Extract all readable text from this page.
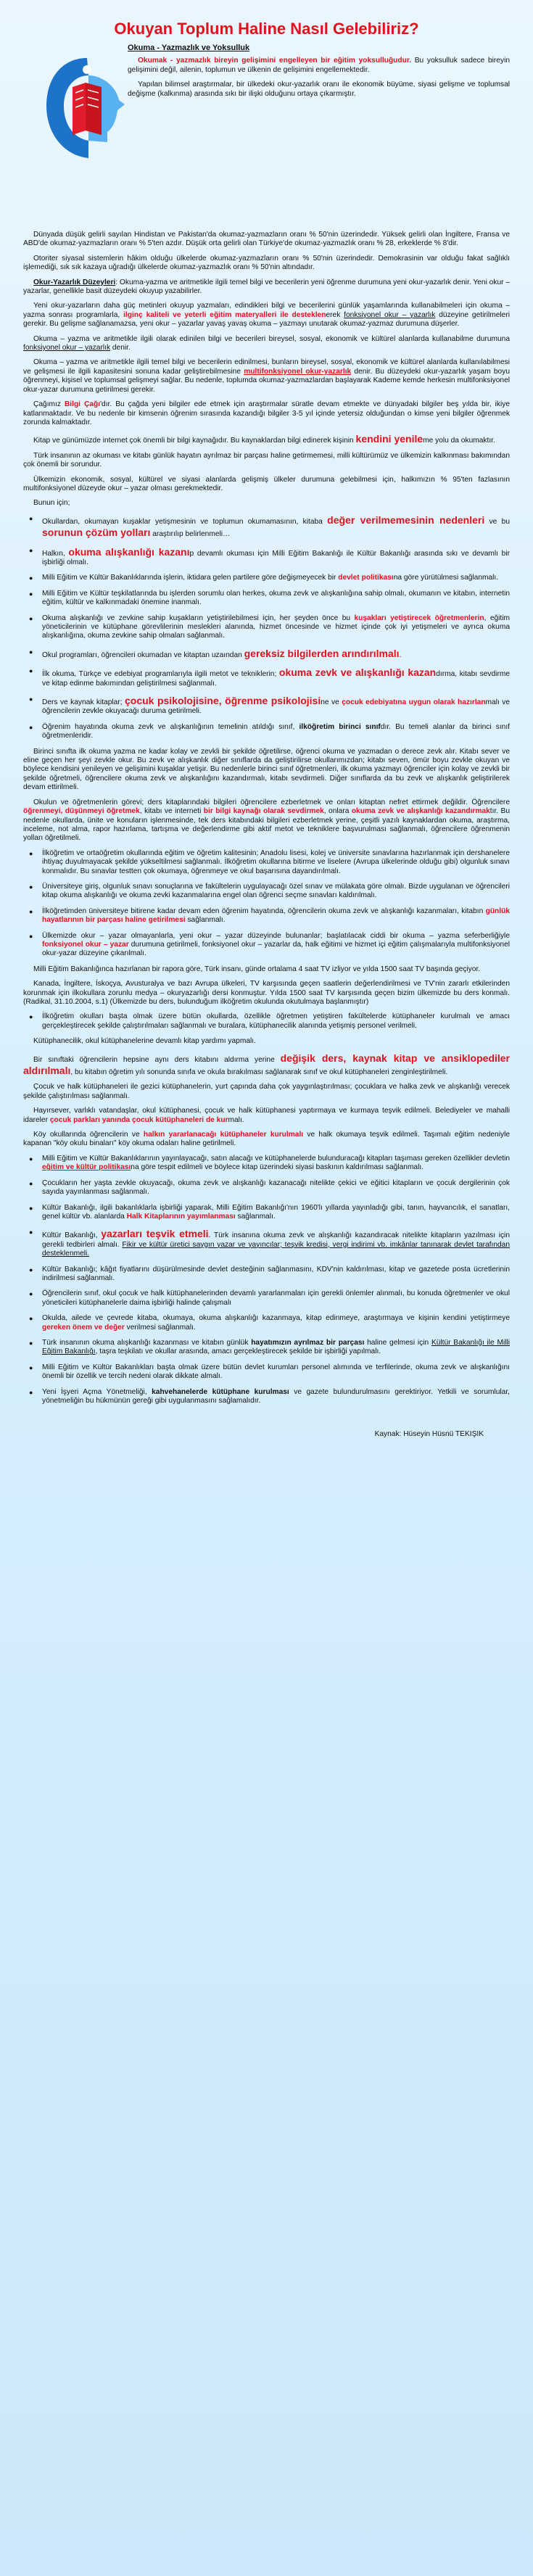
Okuyan Toplum Haline Nasıl Gelebiliriz?
Okuma - Yazmazlık ve Yoksulluk

Okumak - yazmazlık bireyin gelişimini engelleyen bir eğitim yoksulluğudur. Bu yoksulluk sadece bireyin gelişimini değil, ailenin, toplumun ve ülkenin de gelişimini engellemektedir.

Yapılan bilimsel araştırmalar, bir ülkedeki okur-yazarlık oranı ile ekonomik büyüme, siyasi gelişme ve toplumsal değişme (kalkınma) arasında sıkı bir ilişki olduğunu ortaya çıkarmıştır.

Dünyada düşük gelirli sayılan Hindistan ve Pakistan'da okumaz-yazmazların oranı % 50'nin üzerindedir. Yüksek gelirli olan İngiltere, Fransa ve ABD'de okumaz-yazmazların oranı % 5'ten azdır. Düşük orta gelirli olan Türkiye'de okumaz-yazmazlık oranı % 28, erkeklerde % 8'dir.

Otoriter siyasal sistemlerin hâkim olduğu ülkelerde okumaz-yazmazların oranı % 50'nin üzerindedir. Demokrasinin var olduğu fakat sağlıklı işlemediği, sık sık kazaya uğradığı ülkelerde okumaz-yazmazlık oranı % 50'nin altındadır.

Okur-Yazarlık Düzeyleri: Okuma-yazma ve aritmetikle ilgili temel bilgi ve becerilerin yeni öğrenme durumuna yeni okur-yazarlık denir. Yeni okur – yazarlar, genellikle basit düzeydeki okuyup yazabilirler.

Yeni okur-yazarların daha güç metinleri okuyup yazmaları, edindikleri bilgi ve becerilerini günlük yaşamlarında kullanabilmeleri için okuma – yazma sonrası programlarla, ilginç kaliteli ve yeterli eğitim materyalleri ile desteklenerek fonksiyonel okur – yazarlık düzeyine getirilmeleri gerekir. Bu gelişme sağlanamazsa, yeni okur – yazarlar yavaş yavaş okuma – yazmayı unutarak okumaz-yazmaz durumuna düşerler.

Okuma – yazma ve aritmetikle ilgili olarak edinilen bilgi ve becerileri bireysel, sosyal, ekonomik ve kültürel alanlarda kullanabilme durumuna fonksiyonel okur – yazarlık denir.

Okuma – yazma ve aritmetikle ilgili temel bilgi ve becerilerin edinilmesi, bunların bireysel, sosyal, ekonomik ve kültürel alanlarda kullanılabilmesi ve gelişmesi ile ilgili kapasitesini sonuna kadar geliştirebilmesine multifonksiyonel okur-yazarlık denir. Bu düzeydeki okur-yazarlık yaşam boyu öğrenmeyi, kişisel ve toplumsal gelişmeyi sağlar. Bu nedenle, toplumda okumaz-yazmazlardan başlayarak Kademe kemde herkesin multifonksiyonel okur-yazar durumuna getirilmesi gerekir.

Çağımız Bilgi Çağı'dır. Bu çağda yeni bilgiler ede etmek için araştırmalar süratle devam etmekte ve dünyadaki bilgiler beş yılda bir, ikiye katlanmaktadır. Ve bu nedenle bir kimsenin öğrenim sırasında kazandığı bilgiler 3-5 yıl içinde yetersiz olduğundan o kimse yeni bilgiler öğrenmek zorunda kalmaktadır.

Kitap ve günümüzde internet çok önemli bir bilgi kaynağıdır. Bu kaynaklardan bilgi edinerek kişinin kendini yenileme yolu da okumaktır.

Türk insanının az okuması ve kitabı günlük hayatın ayrılmaz bir parçası haline getirmemesi, milli kültürümüz ve ülkemizin kalkınması bakımından çok önemli bir sorundur.

Ülkemizin ekonomik, sosyal, kültürel ve siyasi alanlarda gelişmiş ülkeler durumuna gelebilmesi için, halkımızın % 95'ten fazlasının multifonksiyonel düzeyde okur – yazar olması gerekmektedir.

Bunun için;

● Okullardan, okumayan kuşaklar yetişmesinin ve toplumun okumamasının, kitaba değer verilmemesinin nedenleri ve bu sorunun çözüm yolları araştırılıp belirlenmeli…
● Halkın, okuma alışkanlığı kazanıp devamlı okuması için Milli Eğitim Bakanlığı ile Kültür Bakanlığı arasında sıkı ve devamlı bir işbirliği olmalı.
● Milli Eğitim ve Kültür Bakanlıklarında işlerin, iktidara gelen partilere göre değişmeyecek bir devlet politikasına göre yürütülmesi sağlanmalı.
● Milli Eğitim ve Kültür teşkilatlarında bu işlerden sorumlu olan herkes, okuma zevk ve alışkanlığına sahip olmalı, okumanın ve kitabın, internetin eğitim, kültür ve kalkınmadaki önemine inanmalı.
● Okuma alışkanlığı ve zevkine sahip kuşakların yetiştirilebilmesi için, her şeyden önce bu kuşakları yetiştirecek öğretmenlerin, eğitim yöneticilerinin ve kütüphane görevlilerinin meslekleri alanında, hizmet öncesinde ve hizmet içinde çok iyi yetişmeleri ve ayrıca okuma alışkanlığına, okuma zevkine sahip olmaları sağlanmalı.
● Okul programları, öğrencileri okumadan ve kitaptan uzaından gereksiz bilgilerden arındırılmalı.
● İlk okuma, Türkçe ve edebiyat programlarıyla ilgili metot ve tekniklerin; okuma zevk ve alışkanlığı kazandırma, kitabı sevdirme ve kitap edinme bakımından geliştirilmesi sağlanmalı.
● Ders ve kaynak kitaplar; çocuk psikolojisine, öğrenme psikolojisine ve çocuk edebiyatına uygun olarak hazırlanmalı ve öğrencilerin zevkle okuyacağı duruma getirilmeli.
● Öğrenim hayatında okuma zevk ve alışkanlığının temelinin atıldığı sınıf, ilköğretim birinci sınıfdır. Bu temeli alanlar da birinci sınıf öğretmenleridir.

Birinci sınıfta ilk okuma yazma ne kadar kolay ve zevkli bir şekilde öğretilirse, öğrenci okuma ve yazmadan o derece zevk alır. Kitabı sever ve eline geçen her şeyi zevkle okur. Bu zevk ve alışkanlık diğer sınıflarda da geliştirilirse okullarımızdan; kitabı seven, ömür boyu zevkle okuyan ve böylece kendisini yenileyen ve gelişimini kuşaklar yetişir. Bu nedenlerle birinci sınıf öğretmenleri, ilk okuma yazmayı öğrenciler için kolay ve zevkli bir şekilde öğretmeli, öğrencilere okuma zevk ve alışkanlığını kazandırmalı, kitabı sevdirmeli. Diğer sınıflarda da bu zevk ve alışkanlık geliştirilerek devam ettirilmeli.

Okulun ve öğretmenlerin görevi; ders kitaplarındaki bilgileri öğrencilere ezberletmek ve onları kitaptan nefret ettirmek değildir. Öğrencilere öğrenmeyi, düşünmeyi öğretmek, kitabı ve interneti bir bilgi kaynağı olarak sevdirmek, onlara okuma zevk ve alışkanlığı kazandırmaktır. Bu nedenle okullarda, ünite ve konuların işlenmesinde, tek ders kitabındaki bilgileri ezberletmek yerine, çeşitli yazılı kaynaklardan okuma, araştırma, inceleme, not alma, rapor hazırlama, tartışma ve değerlendirme gibi aktif metot ve tekniklere başvurulması sağlanmalı, öğrencilere öğrenmenin yolları öğretilmeli.

● İlköğretim ve ortaöğretim okullarında eğitim ve öğretim kalitesinin; Anadolu lisesi, kolej ve üniversite sınavlarına hazırlanmak için dershanelere ihtiyaç duyulmayacak şekilde yükseltilmesi sağlanmalı. İlköğretim okullarına bitirme ve liselere (Avrupa ülkelerinde olduğu gibi) olgunluk sınavı konmalıdır. Bu sınavlar testten çok okumaya, öğrenmeye ve okul başarısına dayandırılmalı.
● Üniversiteye giriş, olgunluk sınavı sonuçlarına ve fakültelerin uygulayacağı özel sınav ve mülakata göre olmalı. Bizde uygulanan ve öğrencileri kitap okuma alışkanlığı ve okuma zevki kazanmalarına engel olan öğrenci seçme sınavları kaldırılmalı.
● İlköğretimden üniversiteye bitirene kadar devam eden öğrenim hayatında, öğrencilerin okuma zevk ve alışkanlığı kazanmaları, kitabın günlük hayatlarının bir parçası haline getirilmesi sağlanmalı.
● Ülkemizde okur – yazar olmayanlarla, yeni okur – yazar düzeyinde bulunanlar; başlatılacak ciddi bir okuma – yazma seferberliğiyle fonksiyonel okur – yazar durumuna getirilmeli, fonksiyonel okur – yazarlar da, halk eğitimi ve hizmet içi eğitim çalışmalarıyla multifonksiyonel okur-yazar düzeyine çıkarılmalı.

Milli Eğitim Bakanlığınca hazırlanan bir rapora göre, Türk insanı, günde ortalama 4 saat TV izliyor ve yılda 1500 saat TV başında geçiyor.

Kanada, İngiltere, İskoçya, Avusturalya ve bazı Avrupa ülkeleri, TV karşısında geçen saatlerin değerlendirilmesi ve TV'nin zararlı etkilerinden korunmak için ilkokullara zorunlu medya – okuryazarlığı dersi konmuştur. Yılda 1500 saat TV karşısında geçen bizim ülkemizde bu ders konmalı.(Radikal, 31.10.2004, s.1) (Ülkemizde bu ders, bulunduğum ilköğretim okulunda okutulmaya başlanmıştır)

● İlköğretim okulları başta olmak üzere bütün okullarda, özellikle öğretmen yetiştiren fakültelerde kütüphaneler kurulmalı ve amacı gerçekleştirecek şekilde çalıştırılmaları sağlanmalı ve buralara, kütüphanecilik alanında yetişmiş personel verilmeli.

Kütüphanecilik, okul kütüphanelerine devamlı kitap yardımı yapmalı.

Bir sınıftaki öğrencilerin hepsine aynı ders kitabını aldırma yerine değişik ders, kaynak kitap ve ansiklopediler aldırılmalı, bu kitabın öğretim yılı sonunda sınıfa ve okula bırakılması sağlanarak sınıf ve okul kütüphaneleri zenginleştirilmeli.

Çocuk ve halk kütüphaneleri ile gezici kütüphanelerin, yurt çapında daha çok yaygınlaştırılması; çocuklara ve halka zevk ve alışkanlığı verecek şekilde çalıştırılması sağlanmalı.

Hayırsever, varlıklı vatandaşlar, okul kütüphanesi, çocuk ve halk kütüphanesi yaptırmaya ve kurmaya teşvik edilmeli. Belediyeler ve mahalli idareler çocuk parkları yanında çocuk kütüphaneleri de kurmalı.

Köy okullarında öğrencilerin ve halkın yararlanacağı kütüphaneler kurulmalı ve halk okumaya teşvik edilmeli. Taşımalı eğitim nedeniyle kapanan "köy okulu binaları" köy okuma odaları haline getirilmeli.

● Milli Eğitim ve Kültür Bakanlıklarının yayınlayacağı, satın alacağı ve kütüphanelerde bulunduracağı kitapları taşıması gereken özellikler devletin eğitim ve kültür politikasına göre tespit edilmeli ve böylece kitap üzerindeki siyasi baskının kaldırılması sağlanmalı.
● Çocukların her yaşta zevkle okuyacağı, okuma zevk ve alışkanlığı kazanacağı nitelikte çekici ve eğitici kitapların ve çocuk dergilerinin çok sayıda yayınlanması sağlanmalı.
● Kültür Bakanlığı, ilgili bakanlıklarla işbirliği yaparak, Milli Eğitim Bakanlığı'nın 1960'lı yıllarda yayınladığı gibi, tanın, hayvancılık, el sanatları, genel kültür vb. alanlarda Halk Kitaplarının yayımlanması sağlanmalı.
● Kültür Bakanlığı, yazarları teşvik etmeli. Türk insanına okuma zevk ve alışkanlığı kazandıracak nitelikte kitapların yazılması için gerekli tedbirleri almalı. Fikir ve kültür üretici saygın yazar ve yayıncılar; teşvik kredisi, vergi indirimi vb. imkânlar tanınarak devlet tarafından desteklenmeli.
● Kültür Bakanlığı; kâğıt fiyatlarını düşürülmesinde devlet desteğinin sağlanmasını, KDV'nin kaldırılması, kitap ve gazetede posta ücretlerinin indirilmesi sağlanmalı.
● Öğrencilerin sınıf, okul çocuk ve halk kütüphanelerinden devamlı yararlanmaları için gerekli önlemler alınmalı, bu konuda öğretmenler ve okul yöneticileri kütüphanelerle daima işbirliği halinde çalışmalı
● Okulda, ailede ve çevrede kitaba, okumaya, okuma alışkanlığı kazanmaya, kitap edinmeye, araştırmaya ve kişinin kendini yetiştirmeye gereken önem ve değer verilmesi sağlanmalı.
● Türk insanının okuma alışkanlığı kazanması ve kitabın günlük hayatımızın ayrılmaz bir parçası haline gelmesi için Kültür Bakanlığı ile Milli Eğitim Bakanlığı, taşra teşkilatı ve okullar arasında, amacı gerçekleştirecek şekilde bir işbirliği yapılmalı.
● Milli Eğitim ve Kültür Bakanlıkları başta olmak üzere bütün devlet kurumları personel alımında ve terfilerinde, okuma zevk ve alışkanlığını önemli bir özellik ve tercih nedeni olarak dikkate almalı.
● Yeni İşyeri Açma Yönetmeliği, kahvehanelerde kütüphane kurulması ve gazete bulundurulmasını gerektiriyor. Yetkili ve sorumlular, yönetmeliğin bu hükmünün gereği gibi uygulanmasını sağlamalıdır.

Kaynak: Hüseyin Hüsnü TEKIŞIK
